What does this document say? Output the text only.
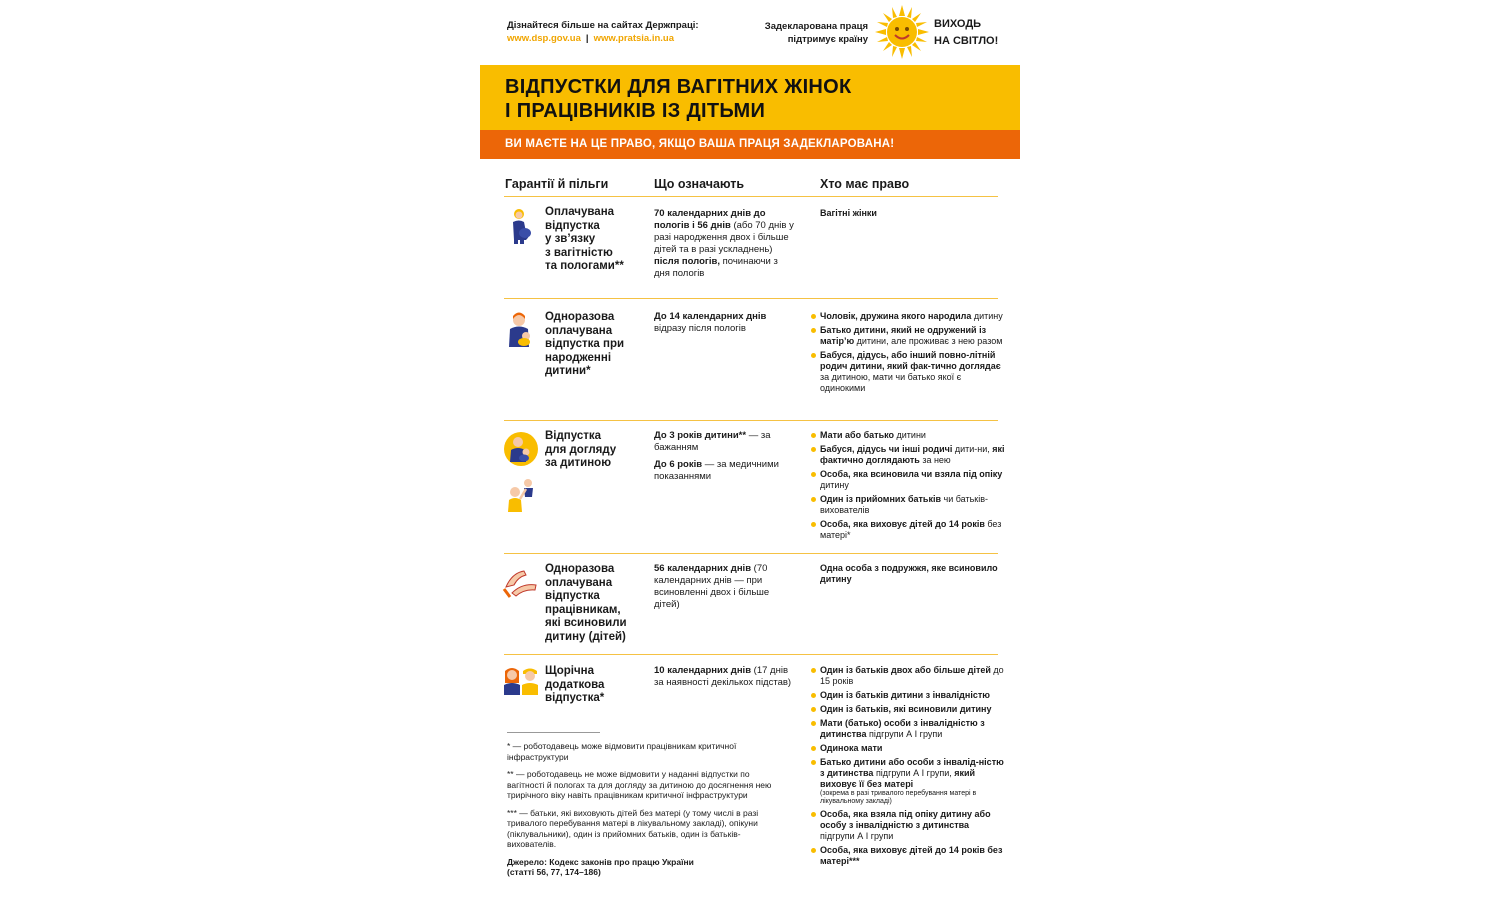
Дізнайтеся більше на сайтах Держпраці:
www.dsp.gov.ua | www.pratsia.in.ua
Задекларована праця
підтримує країну
ВИХОДЬ
НА СВІТЛО!
ВІДПУСТКИ ДЛЯ ВАГІТНИХ ЖІНОК
І ПРАЦІВНИКІВ ІЗ ДІТЬМИ
ВИ МАЄТЕ НА ЦЕ ПРАВО, ЯКЩО ВАША ПРАЦЯ ЗАДЕКЛАРОВАНА!
Гарантії й пільги	Що означають	Хто має право
Оплачувана
відпустка
у зв’язку
з вагітністю
та пологами**
70 календарних днів до пологів і 56 днів (або 70 днів у разі народження двох і більше дітей та в разі ускладнень) після пологів, починаючи з дня пологів
Вагітні жінки
Одноразова
оплачувана
відпустка при
народженні
дитини*
До 14 календарних днів відразу після пологів
Чоловік, дружина якого народила дитину
Батько дитини, який не одружений із матір’ю дитини, але проживає з нею разом
Бабуся, дідусь, або інший повно-літній родич дитини, який фак-тично доглядає за дитиною, мати чи батько якої є одинокими
Відпустка
для догляду
за дитиною
До 3 років дитини** — за бажанням
До 6 років — за медичними показаннями
Мати або батько дитини
Бабуся, дідусь чи інші родичі дити-ни, які фактично доглядають за нею
Особа, яка всиновила чи взяла під опіку дитину
Один із прийомних батьків чи батьків-вихователів
Особа, яка виховує дітей до 14 років без матері*
Одноразова
оплачувана
відпустка
працівникам,
які всиновили
дитину (дітей)
56 календарних днів (70 календарних днів — при всиновленні двох і більше дітей)
Одна особа з подружжя, яке всиновило дитину
Щорічна
додаткова
відпустка*
10 календарних днів (17 днів за наявності декількох підстав)
Один із батьків двох або більше дітей до 15 років
Один із батьків дитини з інвалідністю
Один із батьків, які всиновили дитину
Мати (батько) особи з інвалідністю з дитинства підгрупи А І групи
Одинока мати
Батько дитини або особи з інвалід-ністю з дитинства підгрупи А І групи, який виховує її без матері
(зокрема в разі тривалого перебування матері в лікувальному закладі)
Особа, яка взяла під опіку дитину або особу з інвалідністю з дитинства підгрупи А І групи
Особа, яка виховує дітей до 14 років без матері***

* — роботодавець може відмовити працівникам критичної інфраструктури

** — роботодавець не може відмовити у наданні відпустки по вагітності й пологах та для догляду за дитиною до досягнення нею трирічного віку навіть працівникам критичної інфраструктури

*** — батьки, які виховують дітей без матері (у тому числі в разі тривалого перебування матері в лікувальному закладі), опікуни (піклувальники), один із прийомних батьків, один із батьків-вихователів.

Джерело: Кодекс законів про працю України
(статті 56, 77, 174–186)
